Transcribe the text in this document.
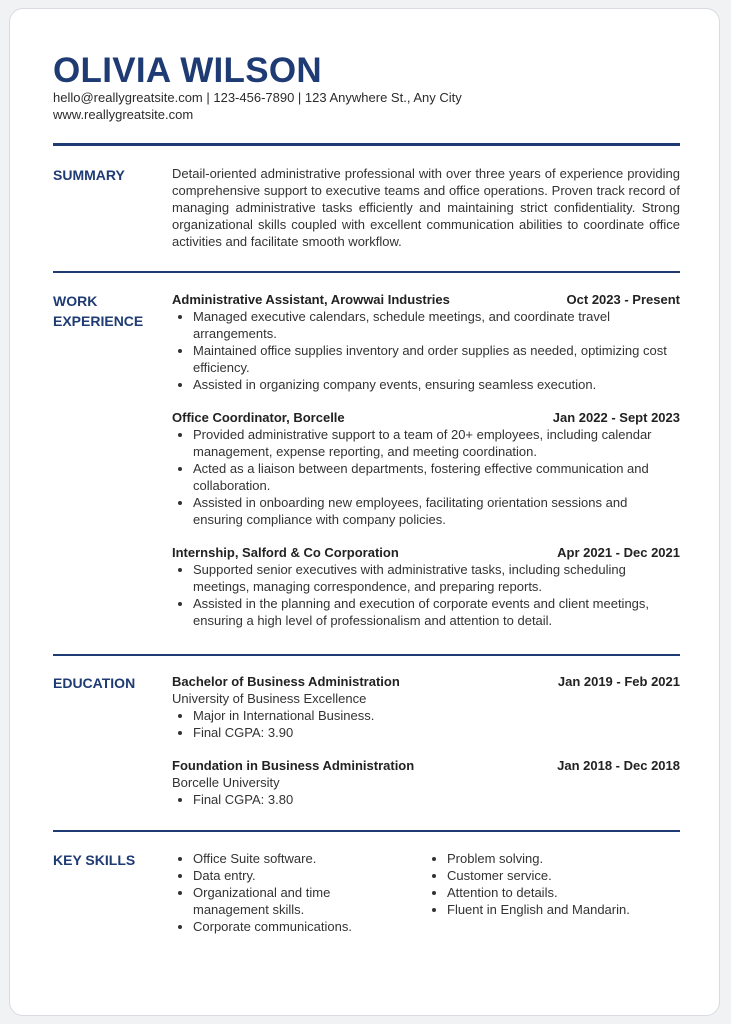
OLIVIA WILSON
hello@reallygreatsite.com | 123-456-7890 | 123 Anywhere St., Any City
www.reallygreatsite.com
SUMMARY	Detail-oriented administrative professional with over three years of experience providing comprehensive support to executive teams and office operations. Proven track record of managing administrative tasks efficiently and maintaining strict confidentiality. Strong organizational skills coupled with excellent communication abilities to coordinate office activities and facilitate smooth workflow.
WORK
EXPERIENCE
Administrative Assistant, Arowwai Industries	Oct 2023 - Present
• Managed executive calendars, schedule meetings, and coordinate travel arrangements.
• Maintained office supplies inventory and order supplies as needed, optimizing cost efficiency.
• Assisted in organizing company events, ensuring seamless execution.
Office Coordinator, Borcelle	Jan 2022 - Sept 2023
• Provided administrative support to a team of 20+ employees, including calendar management, expense reporting, and meeting coordination.
• Acted as a liaison between departments, fostering effective communication and collaboration.
• Assisted in onboarding new employees, facilitating orientation sessions and ensuring compliance with company policies.
Internship, Salford & Co Corporation	Apr 2021 - Dec 2021
• Supported senior executives with administrative tasks, including scheduling meetings, managing correspondence, and preparing reports.
• Assisted in the planning and execution of corporate events and client meetings, ensuring a high level of professionalism and attention to detail.
EDUCATION	Bachelor of Business Administration	Jan 2019 - Feb 2021
University of Business Excellence
• Major in International Business.
• Final CGPA: 3.90
Foundation in Business Administration	Jan 2018 - Dec 2018
Borcelle University
• Final CGPA: 3.80
KEY SKILLS
•	Office Suite software.
• Data entry.
• Organizational and time management skills.
• Corporate communications.
• Problem solving.
• Customer service.
• Attention to details.
• Fluent in English and Mandarin.
